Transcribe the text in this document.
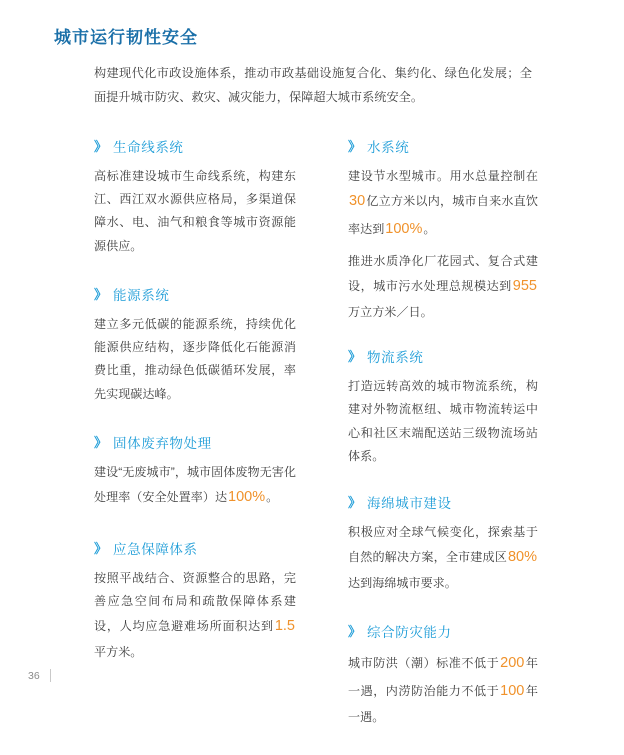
城市运行韧性安全
构建现代化市政设施体系，推动市政基础设施复合化、集约化、绿色化发展；全面提升城市防灾、救灾、减灾能力，保障超大城市系统安全。
》 生命线系统

高标准建设城市生命线系统，构建东江、西江双水源供应格局，多渠道保障水、电、油气和粮食等城市资源能源供应。

》 能源系统

建立多元低碳的能源系统，持续优化能源供应结构，逐步降低化石能源消费比重，推动绿色低碳循环发展，率先实现碳达峰。

》 固体废弃物处理

建设“无废城市”，城市固体废物无害化处理率（安全处置率）达100%。

》 应急保障体系

按照平战结合、资源整合的思路，完善应急空间布局和疏散保障体系建设，人均应急避难场所面积达到1.5平方米。

》 水系统

建设节水型城市。用水总量控制在30亿立方米以内，城市自来水直饮率达到100%。

推进水质净化厂花园式、复合式建设，城市污水处理总规模达到955万立方米／日。

》 物流系统

打造远转高效的城市物流系统，构建对外物流枢纽、城市物流转运中心和社区末端配送站三级物流场站体系。

》 海绵城市建设

积极应对全球气候变化，探索基于自然的解决方案，全市建成区80%达到海绵城市要求。

》 综合防灾能力

城市防洪（潮）标准不低于200年一遇，内涝防治能力不低于100年一遇。

36
